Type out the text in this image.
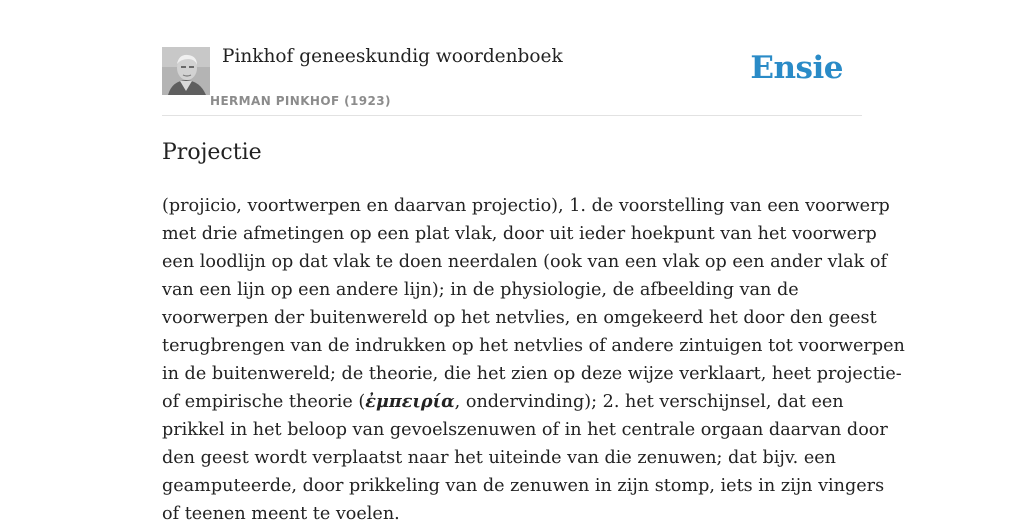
Pinkhof geneeskundig woordenboek
HERMAN PINKHOF (1923)
Ensie
Projectie
(projicio, voortwerpen en daarvan projectio), 1. de voorstelling van een voorwerp
met drie afmetingen op een plat vlak, door uit ieder hoekpunt van het voorwerp
een loodlijn op dat vlak te doen neerdalen (ook van een vlak op een ander vlak of
van een lijn op een andere lijn); in de physiologie, de afbeelding van de
voorwerpen der buitenwereld op het netvlies, en omgekeerd het door den geest
terugbrengen van de indrukken op het netvlies of andere zintuigen tot voorwerpen
in de buitenwereld; de theorie, die het zien op deze wijze verklaart, heet projectie-
of empirische theorie (ἐμπειρία, ondervinding); 2. het verschijnsel, dat een
prikkel in het beloop van gevoelszenuwen of in het centrale orgaan daarvan door
den geest wordt verplaatst naar het uiteinde van die zenuwen; dat bijv. een
geamputeerde, door prikkeling van de zenuwen in zijn stomp, iets in zijn vingers
of teenen meent te voelen.
